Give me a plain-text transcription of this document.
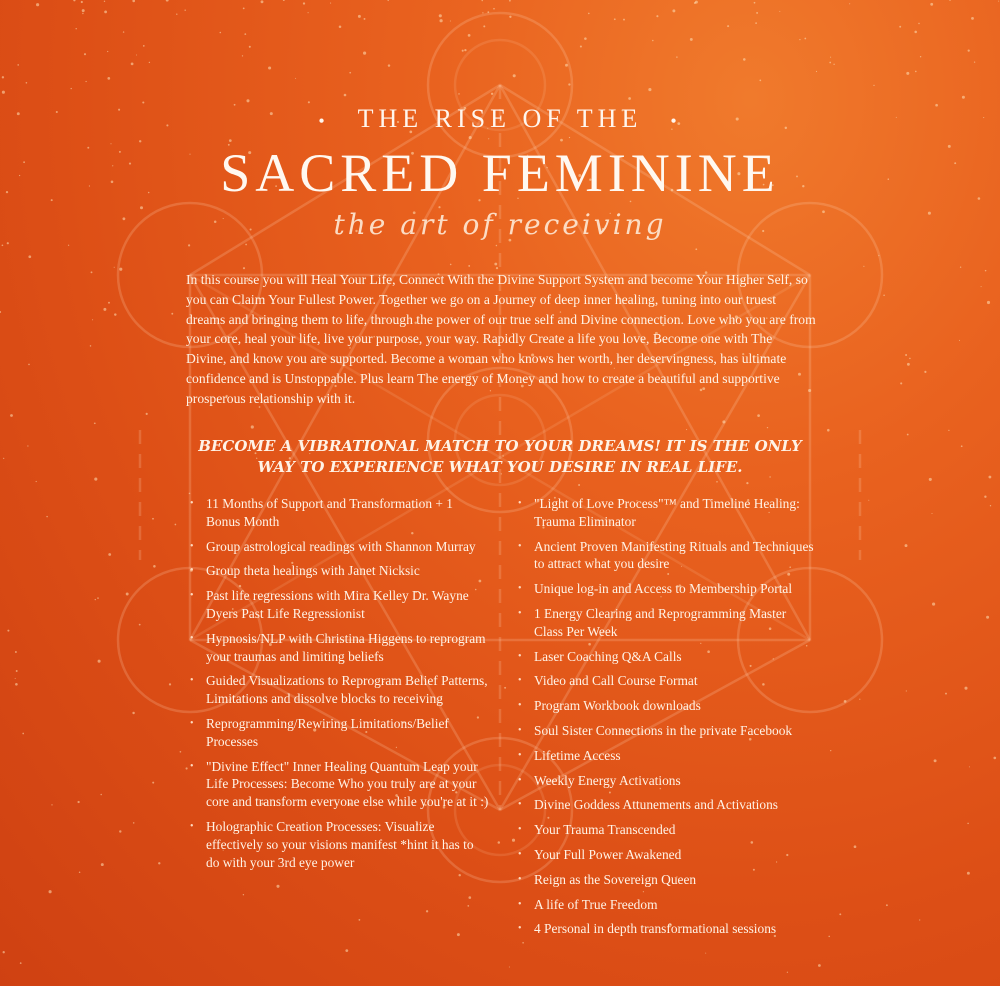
• THE RISE OF THE •
SACRED FEMININE
the art of receiving

In this course you will Heal Your Life, Connect With the Divine Support System and become Your Higher Self, so you can Claim Your Fullest Power. Together we go on a Journey of deep inner healing, tuning into our truest dreams and bringing them to life, through the power of our true self and Divine connection. Love who you are from your core, heal your life, live your purpose, your way. Rapidly Create a life you love, Become one with The Divine, and know you are supported. Become a woman who knows her worth, her deservingness, has ultimate confidence and is Unstoppable. Plus learn The energy of Money and how to create a beautiful and supportive prosperous relationship with it.

BECOME A VIBRATIONAL MATCH TO YOUR DREAMS! IT IS THE ONLY WAY TO EXPERIENCE WHAT YOU DESIRE IN REAL LIFE.
• 11 Months of Support and Transformation + 1 Bonus Month
• Group astrological readings with Shannon Murray
• Group theta healings with Janet Nicksic
• Past life regressions with Mira Kelley Dr. Wayne Dyers Past Life Regressionist
• Hypnosis/NLP with Christina Higgens to reprogram your traumas and limiting beliefs
• Guided Visualizations to Reprogram Belief Patterns, Limitations and dissolve blocks to receiving
• Reprogramming/Rewiring Limitations/Belief Processes
• "Divine Effect" Inner Healing Quantum Leap your Life Processes: Become Who you truly are at your core and transform everyone else while you're at it :)
• Holographic Creation Processes: Visualize effectively so your visions manifest *hint it has to do with your 3rd eye power
• "Light of Love Process"™ and Timeline Healing: Trauma Eliminator
• Ancient Proven Manifesting Rituals and Techniques to attract what you desire
• Unique log-in and Access to Membership Portal
• 1 Energy Clearing and Reprogramming Master Class Per Week
• Laser Coaching Q&A Calls
• Video and Call Course Format
• Program Workbook downloads
• Soul Sister Connections in the private Facebook
• Lifetime Access
• Weekly Energy Activations
• Divine Goddess Attunements and Activations
• Your Trauma Transcended
• Your Full Power Awakened
• Reign as the Sovereign Queen
• A life of True Freedom
• 4 Personal in depth transformational sessions
